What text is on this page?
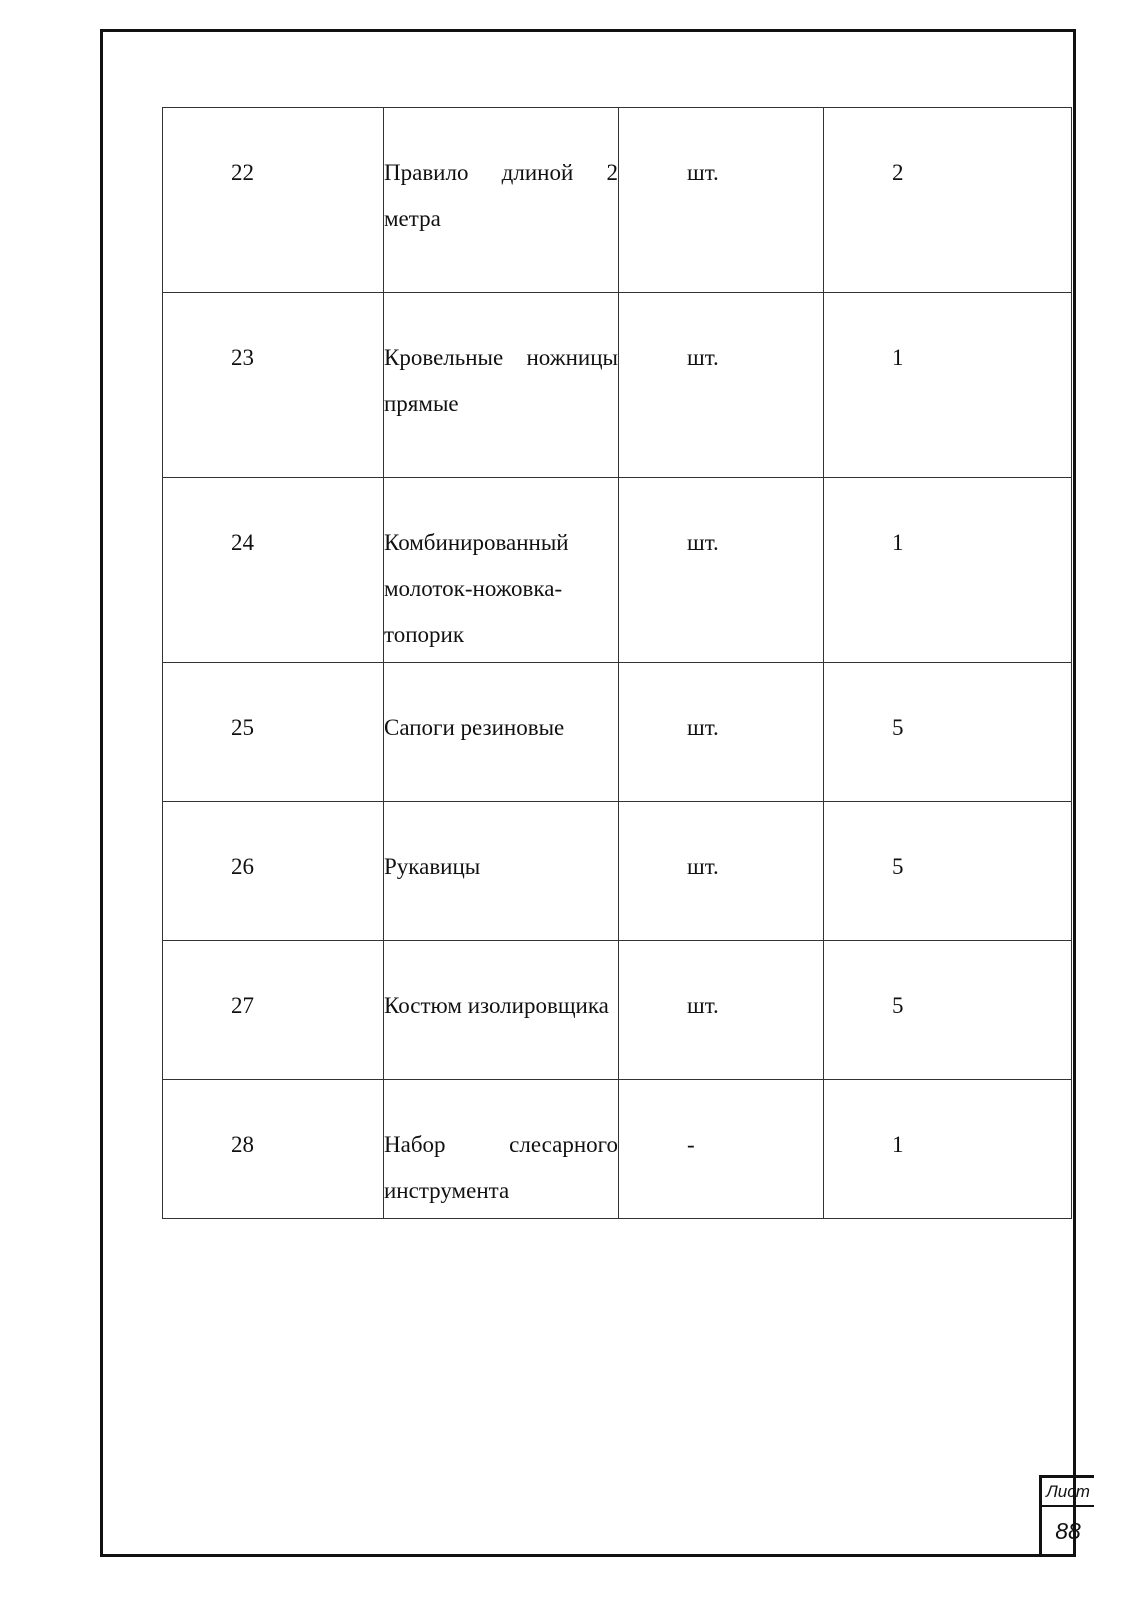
22	Правило длиной 2 метра	шт.	2
23	Кровельные ножницы прямые	шт.	1
24	Комбинированный молоток-ножовка-топорик	шт.	1
25	Сапоги резиновые	шт.	5
26	Рукавицы	шт.	5
27	Костюм изолировщика	шт.	5
28	Набор слесарного инструмента	-	1
Лист
88
